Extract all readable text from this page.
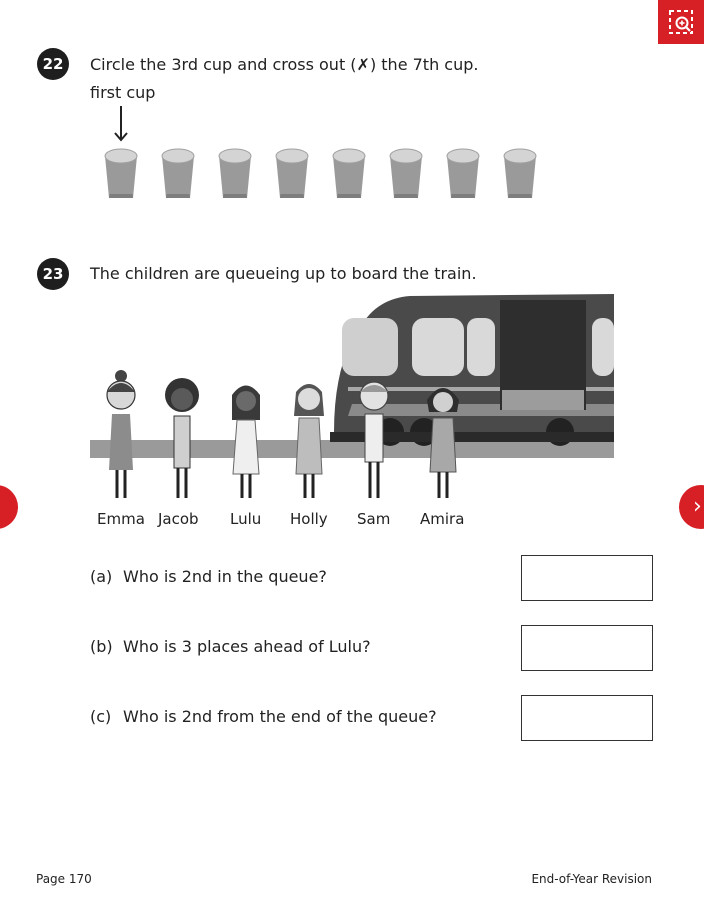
›
22	Circle the 3rd cup and cross out (✗) the 7th cup.
first cup
23	The children are queueing up to board the train.
Emma Jacob Lulu Holly Sam Amira
(a) Who is 2nd in the queue?
(b) Who is 3 places ahead of Lulu?
(c) Who is 2nd from the end of the queue?
Page 170	End-of-Year Revision
